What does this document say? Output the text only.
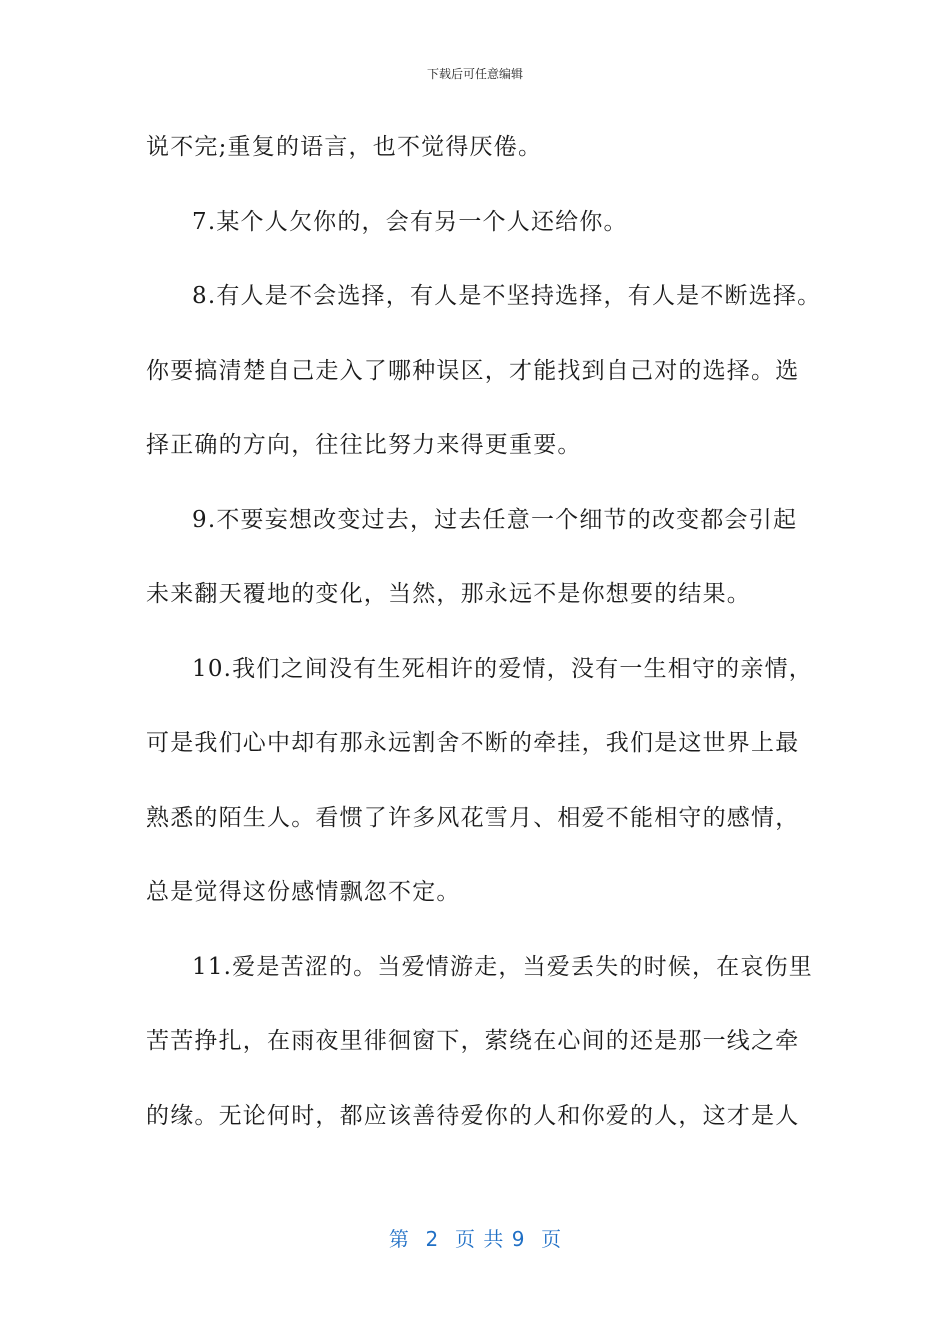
下载后可任意编辑
说不完;重复的语言，也不觉得厌倦。
7.某个人欠你的，会有另一个人还给你。
8.有人是不会选择，有人是不坚持选择，有人是不断选择。
你要搞清楚自己走入了哪种误区，才能找到自己对的选择。选
择正确的方向，往往比努力来得更重要。
9.不要妄想改变过去，过去任意一个细节的改变都会引起
未来翻天覆地的变化，当然，那永远不是你想要的结果。
10.我们之间没有生死相许的爱情，没有一生相守的亲情，
可是我们心中却有那永远割舍不断的牵挂，我们是这世界上最
熟悉的陌生人。看惯了许多风花雪月、相爱不能相守的感情，
总是觉得这份感情飘忽不定。
11.爱是苦涩的。当爱情游走，当爱丢失的时候，在哀伤里
苦苦挣扎，在雨夜里徘徊窗下，萦绕在心间的还是那一线之牵
的缘。无论何时，都应该善待爱你的人和你爱的人，这才是人
第  2  页 共 9  页
